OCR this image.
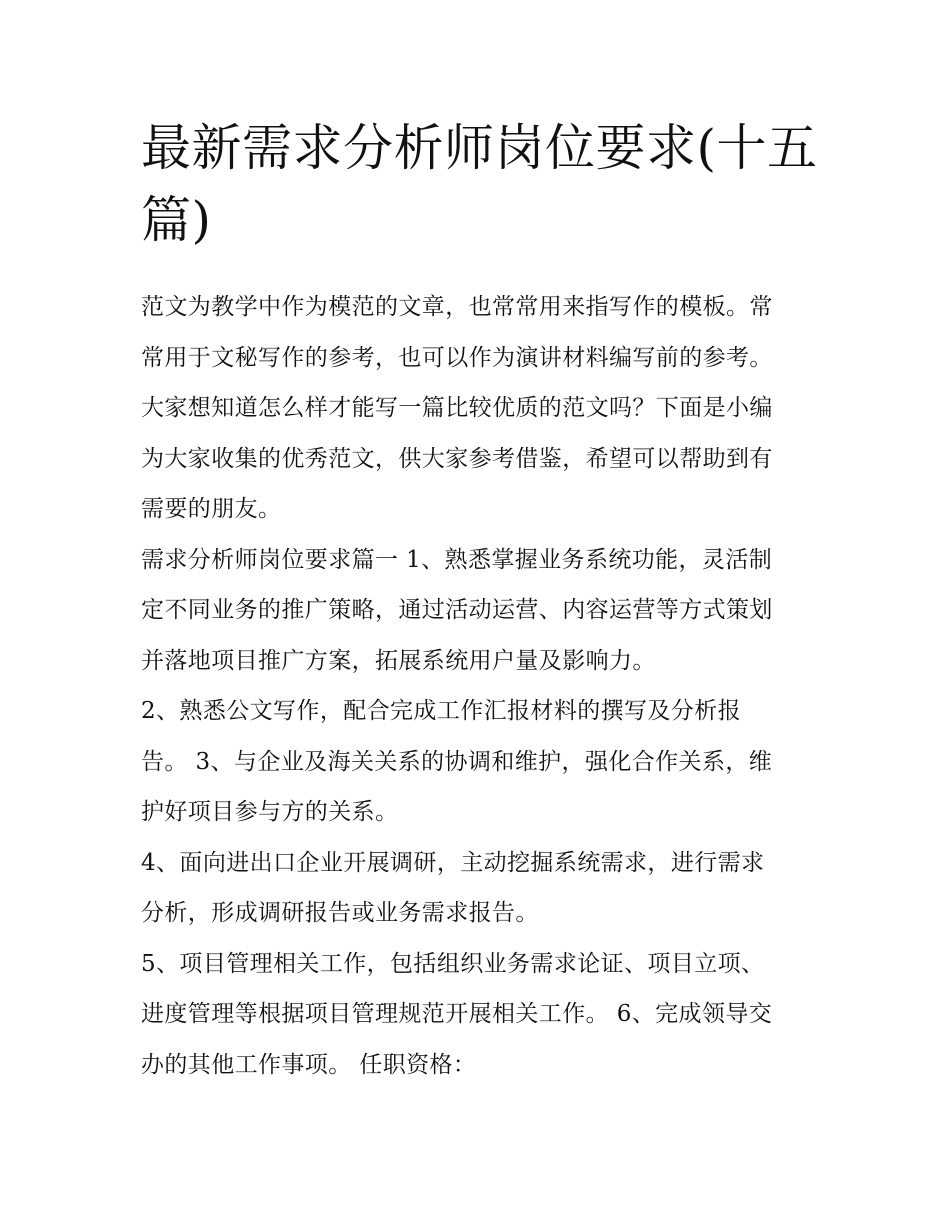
最新需求分析师岗位要求(十五
篇)

范文为教学中作为模范的文章，也常常用来指写作的模板。常
常用于文秘写作的参考，也可以作为演讲材料编写前的参考。
大家想知道怎么样才能写一篇比较优质的范文吗？下面是小编
为大家收集的优秀范文，供大家参考借鉴，希望可以帮助到有
需要的朋友。

需求分析师岗位要求篇一 1、熟悉掌握业务系统功能，灵活制
定不同业务的推广策略，通过活动运营、内容运营等方式策划
并落地项目推广方案，拓展系统用户量及影响力。

2、熟悉公文写作，配合完成工作汇报材料的撰写及分析报
告。 3、与企业及海关关系的协调和维护，强化合作关系，维
护好项目参与方的关系。

4、面向进出口企业开展调研，主动挖掘系统需求，进行需求
分析，形成调研报告或业务需求报告。

5、项目管理相关工作，包括组织业务需求论证、项目立项、
进度管理等根据项目管理规范开展相关工作。 6、完成领导交
办的其他工作事项。 任职资格：
